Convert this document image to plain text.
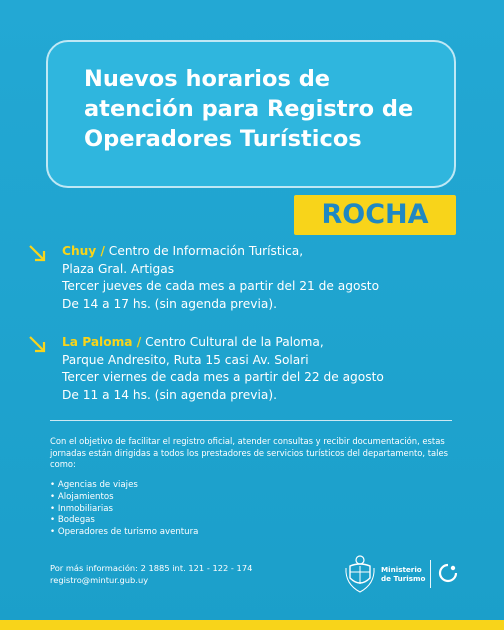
Nuevos horarios de atención para Registro de Operadores Turísticos
ROCHA
Chuy / Centro de Información Turística,
Plaza Gral. Artigas
Tercer jueves de cada mes a partir del 21 de agosto
De 14 a 17 hs. (sin agenda previa).
La Paloma / Centro Cultural de la Paloma,
Parque Andresito, Ruta 15 casi Av. Solari
Tercer viernes de cada mes a partir del 22 de agosto
De 11 a 14 hs. (sin agenda previa).
Con el objetivo de facilitar el registro oficial, atender consultas y recibir documentación, estas jornadas están dirigidas a todos los prestadores de servicios turísticos del departamento, tales como:
• Agencias de viajes
• Alojamientos
• Inmobiliarias
• Bodegas
• Operadores de turismo aventura
Por más información: 2 1885 int. 121 - 122 - 174
registro@mintur.gub.uy
Ministerio
de Turismo
